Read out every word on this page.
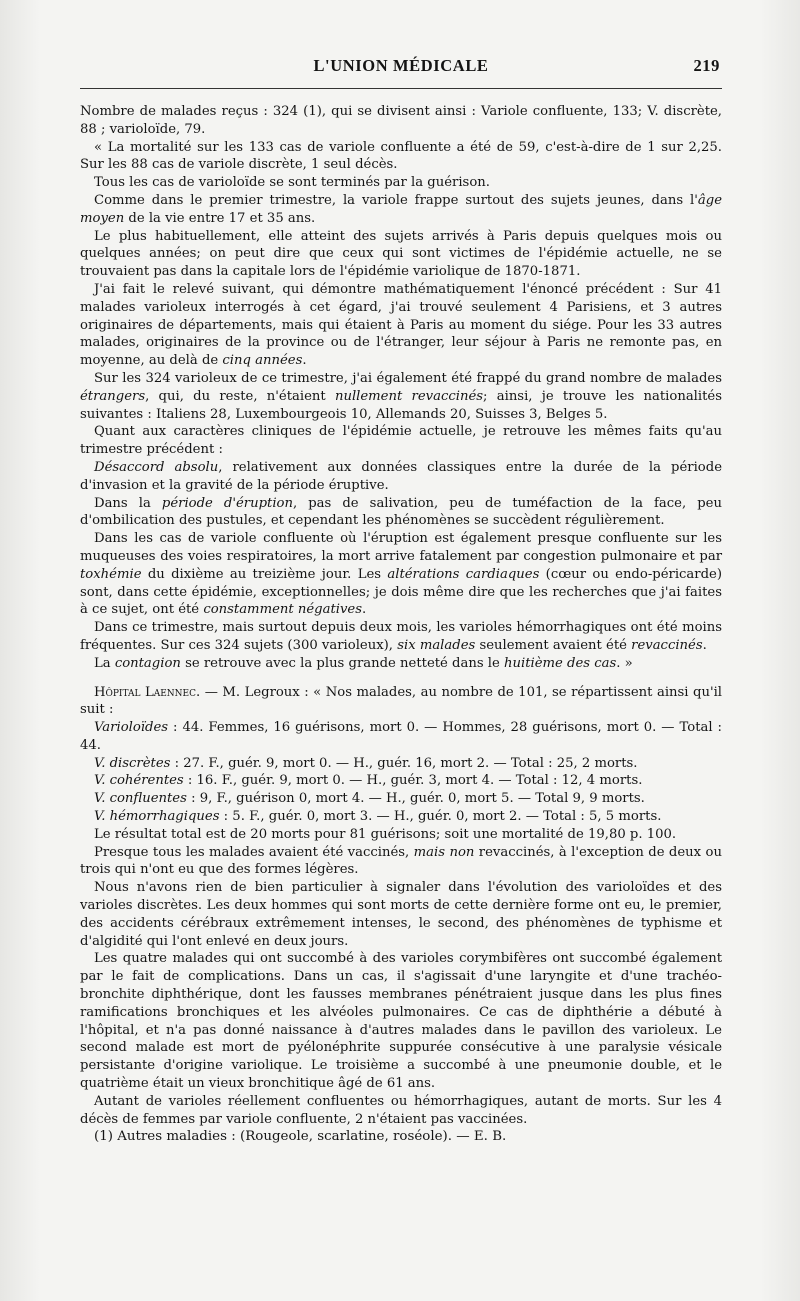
L'UNION MÉDICALE	219

Nombre de malades reçus : 324 (1), qui se divisent ainsi : Variole confluente, 133; V. discrète, 88 ; varioloïde, 79.

« La mortalité sur les 133 cas de variole confluente a été de 59, c'est-à-dire de 1 sur 2,25. Sur les 88 cas de variole discrète, 1 seul décès.

Tous les cas de varioloïde se sont terminés par la guérison.

Comme dans le premier trimestre, la variole frappe surtout des sujets jeunes, dans l'âge moyen de la vie entre 17 et 35 ans.

Le plus habituellement, elle atteint des sujets arrivés à Paris depuis quelques mois ou quelques années; on peut dire que ceux qui sont victimes de l'épidémie actuelle, ne se trouvaient pas dans la capitale lors de l'épidémie variolique de 1870-1871.

J'ai fait le relevé suivant, qui démontre mathématiquement l'énoncé précédent : Sur 41 malades varioleux interrogés à cet égard, j'ai trouvé seulement 4 Parisiens, et 3 autres originaires de départements, mais qui étaient à Paris au moment du siége. Pour les 33 autres malades, originaires de la province ou de l'étranger, leur séjour à Paris ne remonte pas, en moyenne, au delà de cinq années.

Sur les 324 varioleux de ce trimestre, j'ai également été frappé du grand nombre de malades étrangers, qui, du reste, n'étaient nullement revaccinés; ainsi, je trouve les nationalités suivantes : Italiens 28, Luxembourgeois 10, Allemands 20, Suisses 3, Belges 5.

Quant aux caractères cliniques de l'épidémie actuelle, je retrouve les mêmes faits qu'au trimestre précédent :

Désaccord absolu, relativement aux données classiques entre la durée de la période d'invasion et la gravité de la période éruptive.

Dans la période d'éruption, pas de salivation, peu de tuméfaction de la face, peu d'ombilication des pustules, et cependant les phénomènes se succèdent régulièrement.

Dans les cas de variole confluente où l'éruption est également presque confluente sur les muqueuses des voies respiratoires, la mort arrive fatalement par congestion pulmonaire et par toxhémie du dixième au treizième jour. Les altérations cardiaques (cœur ou endo-péricarde) sont, dans cette épidémie, exceptionnelles; je dois même dire que les recherches que j'ai faites à ce sujet, ont été constamment négatives.

Dans ce trimestre, mais surtout depuis deux mois, les varioles hémorrhagiques ont été moins fréquentes. Sur ces 324 sujets (300 varioleux), six malades seulement avaient été revaccinés.

La contagion se retrouve avec la plus grande netteté dans le huitième des cas. »

Hôpital Laennec. — M. Legroux : « Nos malades, au nombre de 101, se répartissent ainsi qu'il suit :

Varioloïdes : 44. Femmes, 16 guérisons, mort 0. — Hommes, 28 guérisons, mort 0. — Total : 44.

V. discrètes : 27. F., guér. 9, mort 0. — H., guér. 16, mort 2. — Total : 25, 2 morts.

V. cohérentes : 16. F., guér. 9, mort 0. — H., guér. 3, mort 4. — Total : 12, 4 morts.

V. confluentes : 9, F., guérison 0, mort 4. — H., guér. 0, mort 5. — Total 9, 9 morts.

V. hémorrhagiques : 5. F., guér. 0, mort 3. — H., guér. 0, mort 2. — Total : 5, 5 morts.

Le résultat total est de 20 morts pour 81 guérisons; soit une mortalité de 19,80 p. 100.

Presque tous les malades avaient été vaccinés, mais non revaccinés, à l'exception de deux ou trois qui n'ont eu que des formes légères.

Nous n'avons rien de bien particulier à signaler dans l'évolution des varioloïdes et des varioles discrètes. Les deux hommes qui sont morts de cette dernière forme ont eu, le premier, des accidents cérébraux extrêmement intenses, le second, des phénomènes de typhisme et d'algidité qui l'ont enlevé en deux jours.

Les quatre malades qui ont succombé à des varioles corymbifères ont succombé également par le fait de complications. Dans un cas, il s'agissait d'une laryngite et d'une trachéo-bronchite diphthérique, dont les fausses membranes pénétraient jusque dans les plus fines ramifications bronchiques et les alvéoles pulmonaires. Ce cas de diphthérie a débuté à l'hôpital, et n'a pas donné naissance à d'autres malades dans le pavillon des varioleux. Le second malade est mort de pyélonéphrite suppurée consécutive à une paralysie vésicale persistante d'origine variolique. Le troisième a succombé à une pneumonie double, et le quatrième était un vieux bronchitique âgé de 61 ans.

Autant de varioles réellement confluentes ou hémorrhagiques, autant de morts. Sur les 4 décès de femmes par variole confluente, 2 n'étaient pas vaccinées.

(1) Autres maladies : (Rougeole, scarlatine, roséole). — E. B.
